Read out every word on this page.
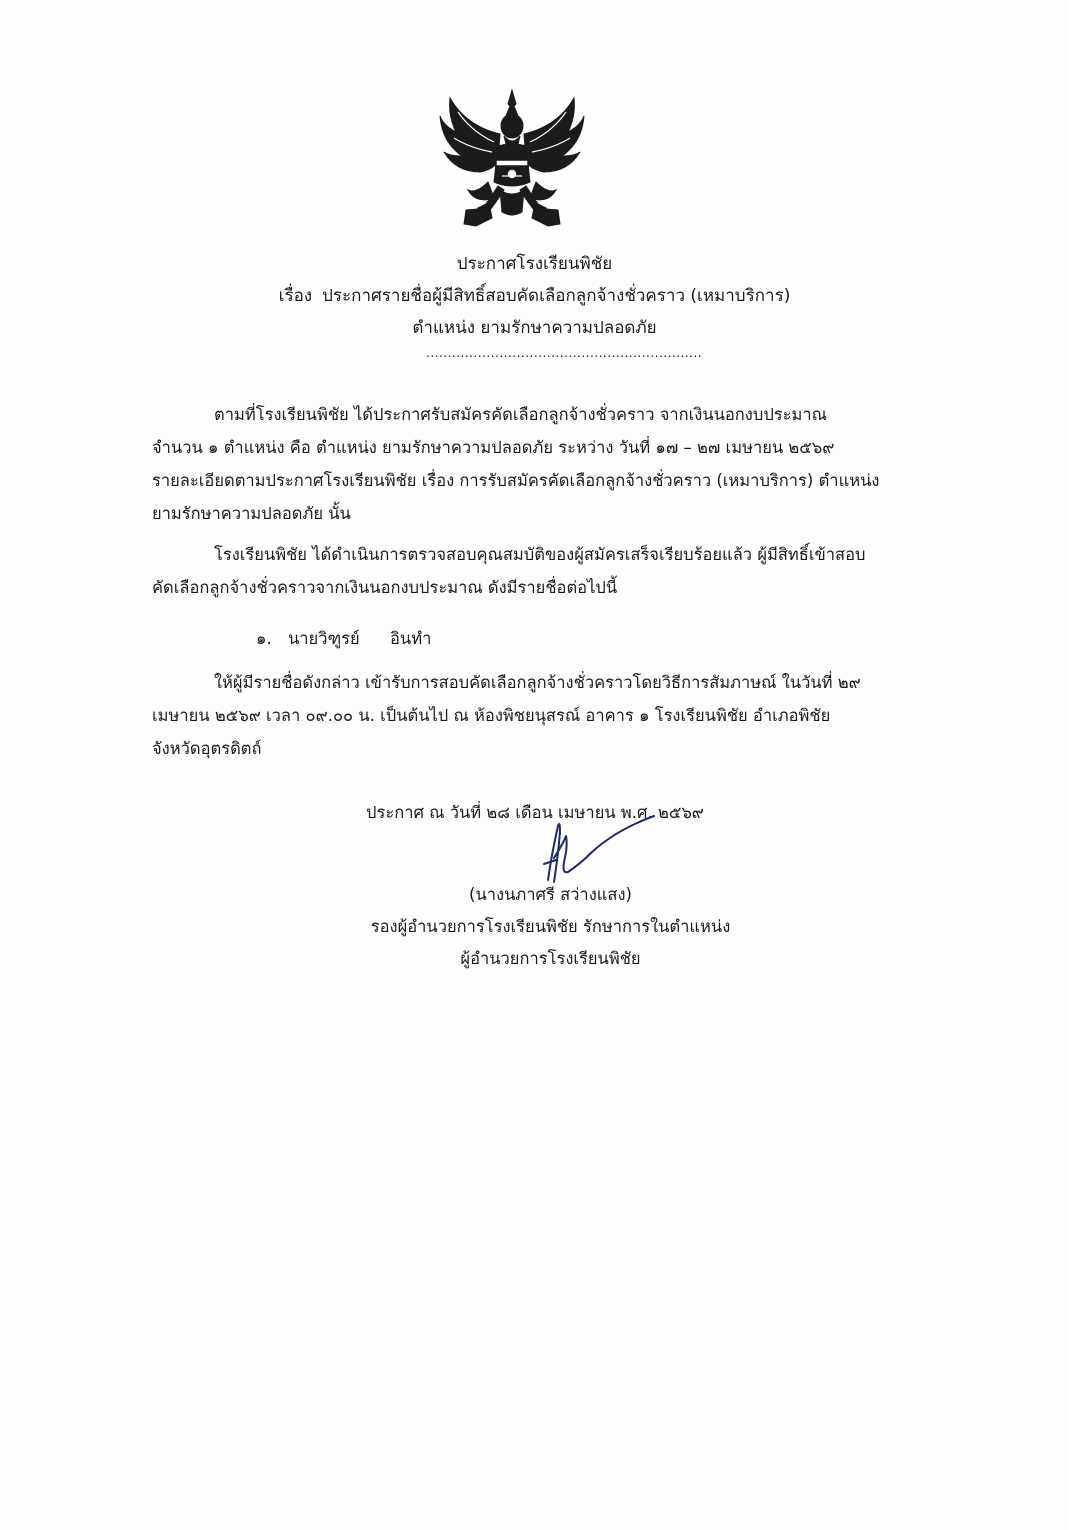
ประกาศโรงเรียนพิชัย
เรื่อง ประกาศรายชื่อผู้มีสิทธิ์สอบคัดเลือกลูกจ้างชั่วคราว (เหมาบริการ)
ตำแหน่ง ยามรักษาความปลอดภัย
................................................................
ตามที่โรงเรียนพิชัย ได้ประกาศรับสมัครคัดเลือกลูกจ้างชั่วคราว จากเงินนอกงบประมาณ
จำนวน ๑ ตำแหน่ง คือ ตำแหน่ง ยามรักษาความปลอดภัย ระหว่าง วันที่ ๑๗ – ๒๗ เมษายน ๒๕๖๙
รายละเอียดตามประกาศโรงเรียนพิชัย เรื่อง การรับสมัครคัดเลือกลูกจ้างชั่วคราว (เหมาบริการ) ตำแหน่ง
ยามรักษาความปลอดภัย นั้น
โรงเรียนพิชัย ได้ดำเนินการตรวจสอบคุณสมบัติของผู้สมัครเสร็จเรียบร้อยแล้ว ผู้มีสิทธิ์เข้าสอบ
คัดเลือกลูกจ้างชั่วคราวจากเงินนอกงบประมาณ ดังมีรายชื่อต่อไปนี้
๑. นายวิฑูรย์ อินทำ
ให้ผู้มีรายชื่อดังกล่าว เข้ารับการสอบคัดเลือกลูกจ้างชั่วคราวโดยวิธีการสัมภาษณ์ ในวันที่ ๒๙
เมษายน ๒๕๖๙ เวลา ๐๙.๐๐ น. เป็นต้นไป ณ ห้องพิชยนุสรณ์ อาคาร ๑ โรงเรียนพิชัย อำเภอพิชัย
จังหวัดอุตรดิตถ์
ประกาศ ณ วันที่ ๒๘ เดือน เมษายน พ.ศ. ๒๕๖๙
(นางนภาศรี สว่างแสง)
รองผู้อำนวยการโรงเรียนพิชัย รักษาการในตำแหน่ง
ผู้อำนวยการโรงเรียนพิชัย
